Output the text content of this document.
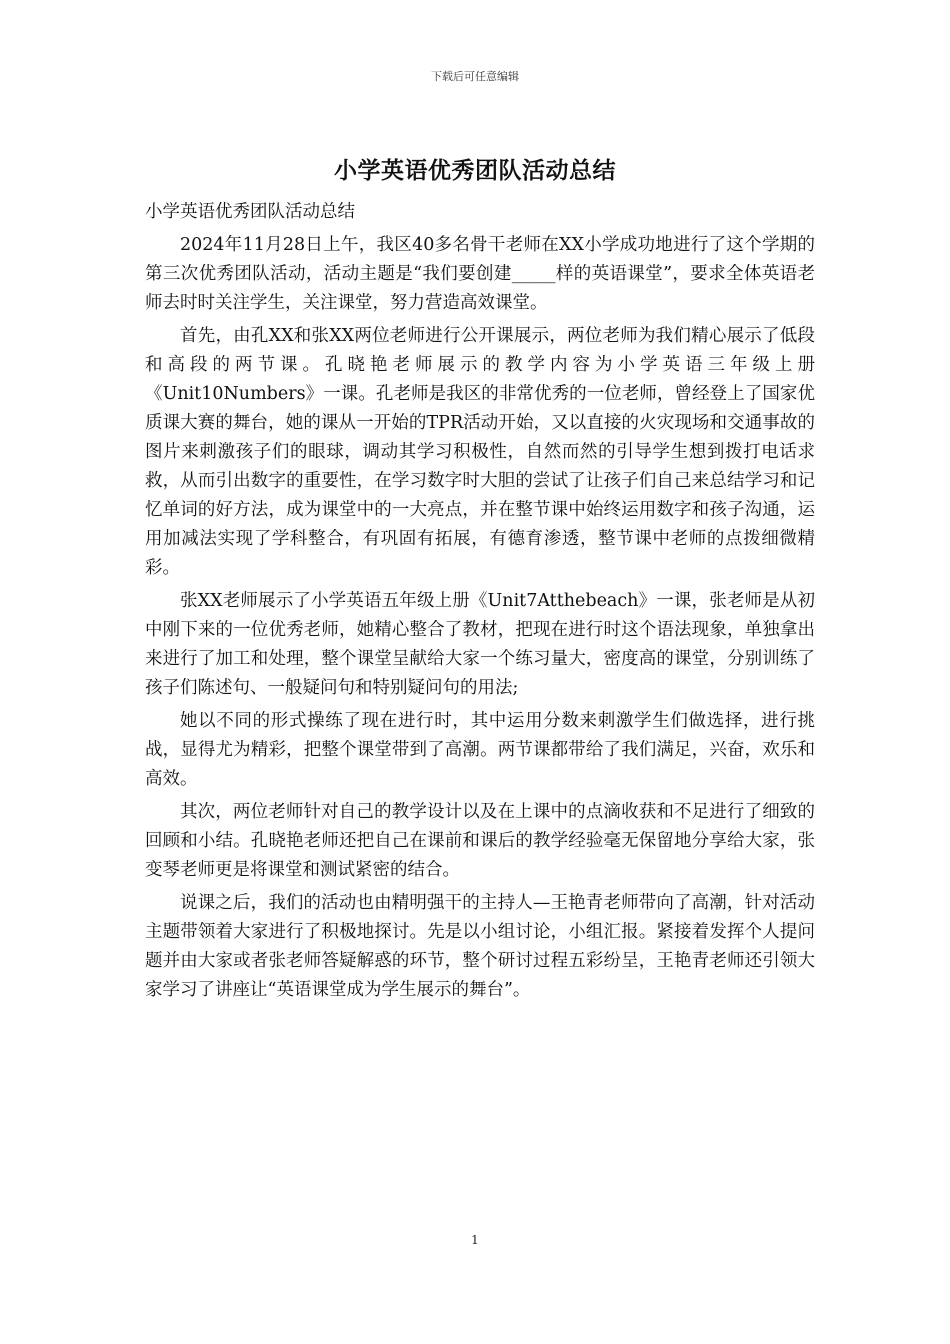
下载后可任意编辑
小学英语优秀团队活动总结

小学英语优秀团队活动总结

2024年11月28日上午，我区40多名骨干老师在XX小学成功地进行了这个学期的第三次优秀团队活动，活动主题是“我们要创建_____样的英语课堂”，要求全体英语老师去时时关注学生，关注课堂，努力营造高效课堂。

首先，由孔XX和张XX两位老师进行公开课展示，两位老师为我们精心展示了低段和高段的两节课。孔晓艳老师展示的教学内容为小学英语三年级上册《Unit10Numbers》一课。孔老师是我区的非常优秀的一位老师，曾经登上了国家优质课大赛的舞台，她的课从一开始的TPR活动开始，又以直接的火灾现场和交通事故的图片来刺激孩子们的眼球，调动其学习积极性，自然而然的引导学生想到拨打电话求救，从而引出数字的重要性，在学习数字时大胆的尝试了让孩子们自己来总结学习和记忆单词的好方法，成为课堂中的一大亮点，并在整节课中始终运用数字和孩子沟通，运用加减法实现了学科整合，有巩固有拓展，有德育渗透，整节课中老师的点拨细微精彩。

张XX老师展示了小学英语五年级上册《Unit7Atthebeach》一课，张老师是从初中刚下来的一位优秀老师，她精心整合了教材，把现在进行时这个语法现象，单独拿出来进行了加工和处理，整个课堂呈献给大家一个练习量大，密度高的课堂，分别训练了孩子们陈述句、一般疑问句和特别疑问句的用法;

她以不同的形式操练了现在进行时，其中运用分数来刺激学生们做选择，进行挑战，显得尤为精彩，把整个课堂带到了高潮。两节课都带给了我们满足，兴奋，欢乐和高效。

其次，两位老师针对自己的教学设计以及在上课中的点滴收获和不足进行了细致的回顾和小结。孔晓艳老师还把自己在课前和课后的教学经验毫无保留地分享给大家，张变琴老师更是将课堂和测试紧密的结合。

说课之后，我们的活动也由精明强干的主持人—王艳青老师带向了高潮，针对活动主题带领着大家进行了积极地探讨。先是以小组讨论，小组汇报。紧接着发挥个人提问题并由大家或者张老师答疑解惑的环节，整个研讨过程五彩纷呈，王艳青老师还引领大家学习了讲座让“英语课堂成为学生展示的舞台”。

1
